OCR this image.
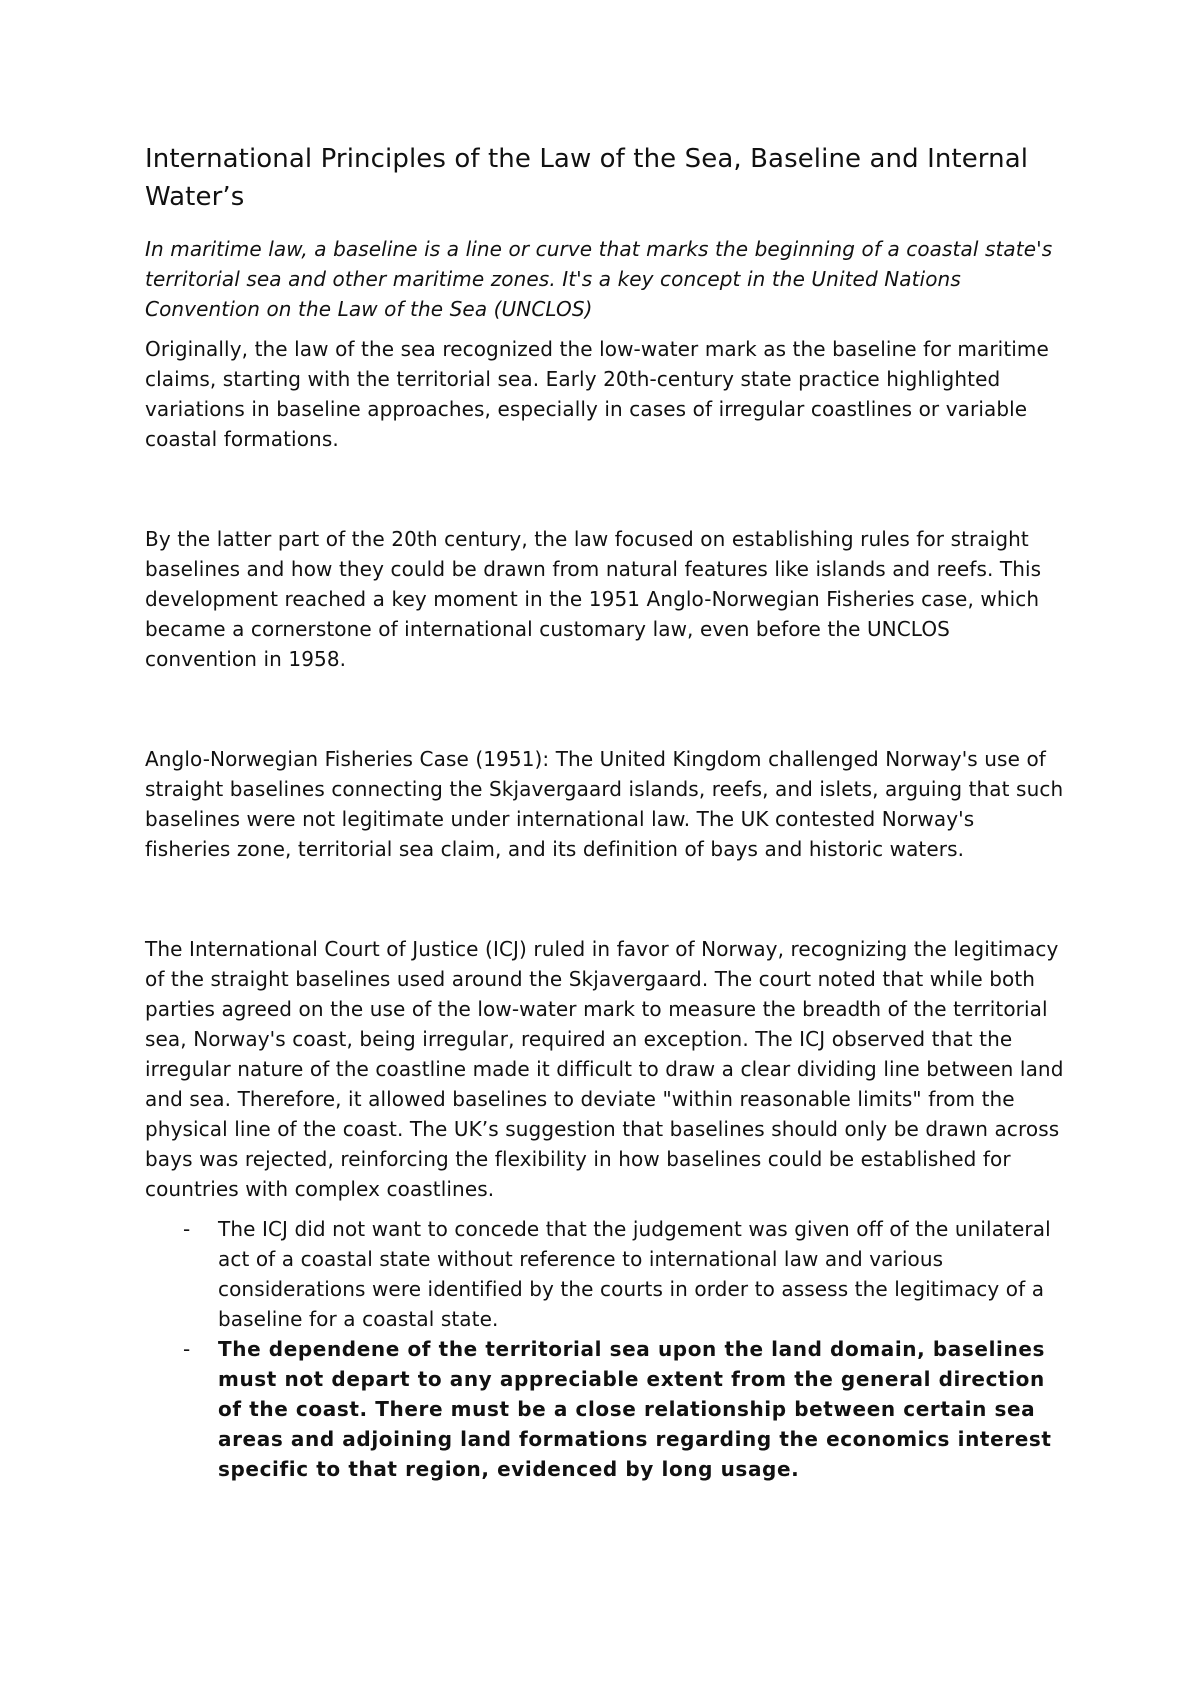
International Principles of the Law of the Sea, Baseline and Internal Water’s

In maritime law, a baseline is a line or curve that marks the beginning of a coastal state's territorial sea and other maritime zones. It's a key concept in the United Nations Convention on the Law of the Sea (UNCLOS)

Originally, the law of the sea recognized the low-water mark as the baseline for maritime claims, starting with the territorial sea. Early 20th-century state practice highlighted variations in baseline approaches, especially in cases of irregular coastlines or variable coastal formations.

By the latter part of the 20th century, the law focused on establishing rules for straight baselines and how they could be drawn from natural features like islands and reefs. This development reached a key moment in the 1951 Anglo-Norwegian Fisheries case, which became a cornerstone of international customary law, even before the UNCLOS convention in 1958.

Anglo-Norwegian Fisheries Case (1951): The United Kingdom challenged Norway's use of straight baselines connecting the Skjavergaard islands, reefs, and islets, arguing that such baselines were not legitimate under international law. The UK contested Norway's fisheries zone, territorial sea claim, and its definition of bays and historic waters.

The International Court of Justice (ICJ) ruled in favor of Norway, recognizing the legitimacy of the straight baselines used around the Skjavergaard. The court noted that while both parties agreed on the use of the low-water mark to measure the breadth of the territorial sea, Norway's coast, being irregular, required an exception. The ICJ observed that the irregular nature of the coastline made it difficult to draw a clear dividing line between land and sea. Therefore, it allowed baselines to deviate "within reasonable limits" from the physical line of the coast. The UK’s suggestion that baselines should only be drawn across bays was rejected, reinforcing the flexibility in how baselines could be established for countries with complex coastlines.

- The ICJ did not want to concede that the judgement was given off of the unilateral act of a coastal state without reference to international law and various considerations were identified by the courts in order to assess the legitimacy of a baseline for a coastal state.
- The dependene of the territorial sea upon the land domain, baselines must not depart to any appreciable extent from the general direction of the coast. There must be a close relationship between certain sea areas and adjoining land formations regarding the economics interest specific to that region, evidenced by long usage.
